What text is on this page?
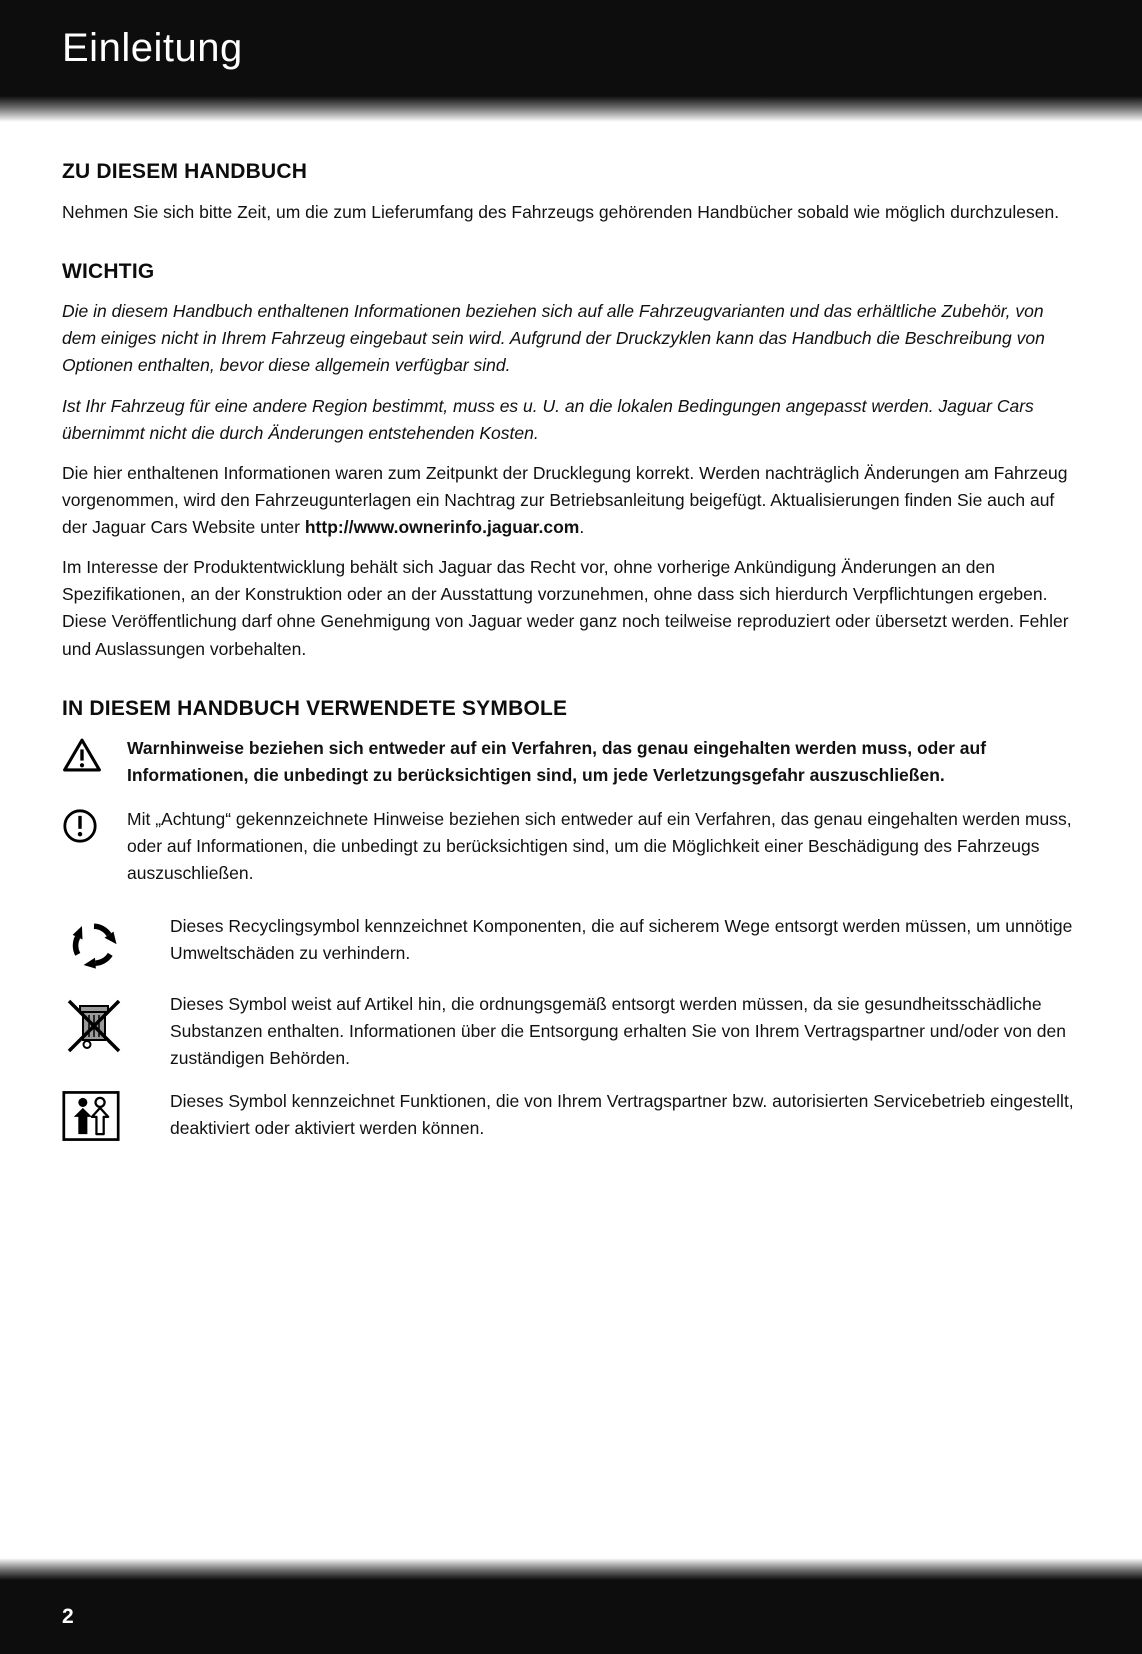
Einleitung
ZU DIESEM HANDBUCH

Nehmen Sie sich bitte Zeit, um die zum Lieferumfang des Fahrzeugs gehörenden Handbücher sobald wie möglich durchzulesen.

WICHTIG

Die in diesem Handbuch enthaltenen Informationen beziehen sich auf alle Fahrzeugvarianten und das erhältliche Zubehör, von dem einiges nicht in Ihrem Fahrzeug eingebaut sein wird. Aufgrund der Druckzyklen kann das Handbuch die Beschreibung von Optionen enthalten, bevor diese allgemein verfügbar sind.

Ist Ihr Fahrzeug für eine andere Region bestimmt, muss es u. U. an die lokalen Bedingungen angepasst werden. Jaguar Cars übernimmt nicht die durch Änderungen entstehenden Kosten.

Die hier enthaltenen Informationen waren zum Zeitpunkt der Drucklegung korrekt. Werden nachträglich Änderungen am Fahrzeug vorgenommen, wird den Fahrzeugunterlagen ein Nachtrag zur Betriebsanleitung beigefügt. Aktualisierungen finden Sie auch auf der Jaguar Cars Website unter http://www.ownerinfo.jaguar.com.

Im Interesse der Produktentwicklung behält sich Jaguar das Recht vor, ohne vorherige Ankündigung Änderungen an den Spezifikationen, an der Konstruktion oder an der Ausstattung vorzunehmen, ohne dass sich hierdurch Verpflichtungen ergeben. Diese Veröffentlichung darf ohne Genehmigung von Jaguar weder ganz noch teilweise reproduziert oder übersetzt werden. Fehler und Auslassungen vorbehalten.

IN DIESEM HANDBUCH VERWENDETE SYMBOLE

Warnhinweise beziehen sich entweder auf ein Verfahren, das genau eingehalten werden muss, oder auf Informationen, die unbedingt zu berücksichtigen sind, um jede Verletzungsgefahr auszuschließen.

Mit „Achtung“ gekennzeichnete Hinweise beziehen sich entweder auf ein Verfahren, das genau eingehalten werden muss, oder auf Informationen, die unbedingt zu berücksichtigen sind, um die Möglichkeit einer Beschädigung des Fahrzeugs auszuschließen.

Dieses Recyclingsymbol kennzeichnet Komponenten, die auf sicherem Wege entsorgt werden müssen, um unnötige Umweltschäden zu verhindern.

Dieses Symbol weist auf Artikel hin, die ordnungsgemäß entsorgt werden müssen, da sie gesundheitsschädliche Substanzen enthalten. Informationen über die Entsorgung erhalten Sie von Ihrem Vertragspartner und/oder von den zuständigen Behörden.

Dieses Symbol kennzeichnet Funktionen, die von Ihrem Vertragspartner bzw. autorisierten Servicebetrieb eingestellt, deaktiviert oder aktiviert werden können.

2
